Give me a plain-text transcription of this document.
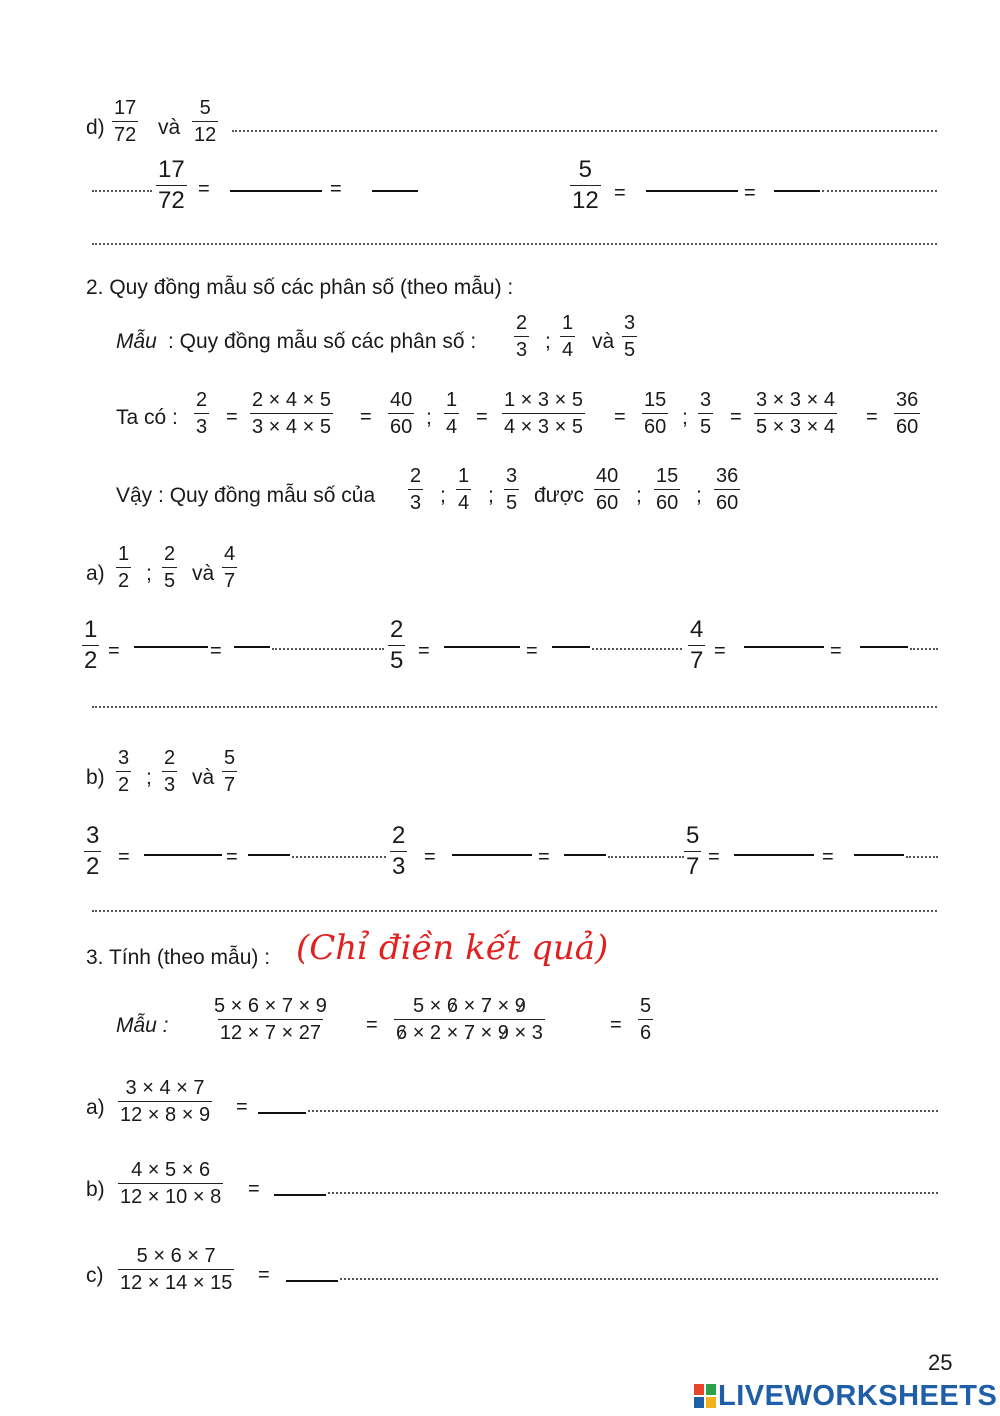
$d) \frac{17}{72}$ và $\frac{5}{12}$
$\frac{17}{72}$ =	=	$\frac{5}{12}$ =	=
2. Quy đồng mẫu số các phân số (theo mẫu) :
Mẫu : Quy đồng mẫu số các phân số : $\frac{2}{3}$ ; $\frac{1}{4}$ và $\frac{3}{5}$
Ta có : $\frac{2}{3} = \frac{2 \times 4 \times 5}{3 \times 4 \times 5} = \frac{40}{60}$ ; $\frac{1}{4} = \frac{1 \times 3 \times 5}{4 \times 3 \times 5} = \frac{15}{60}$ ; $\frac{3}{5} = \frac{3 \times 3 \times 4}{5 \times 3 \times 4} = \frac{36}{60}$
Vậy : Quy đồng mẫu số của $\frac{2}{3}$ ; $\frac{1}{4}$ ; $\frac{3}{5}$ được $\frac{40}{60}$ ; $\frac{15}{60}$ ; $\frac{36}{60}$
$a) \frac{1}{2}$ ; $\frac{2}{5}$ và $\frac{4}{7}$
$\frac{1}{2}$ =	=	$\frac{2}{5}$ =	=	$\frac{4}{7}$ =	=
$b) \frac{3}{2}$ ; $\frac{2}{3}$ và $\frac{5}{7}$
$\frac{3}{2}$ =	=	$\frac{2}{3}$ =	=	$\frac{5}{7}$ =	=
3. Tính (theo mẫu) : (Chỉ điền kết quả)
Mẫu : $\frac{5 \times 6 \times 7 \times 9}{12 \times 7 \times 27} = \frac{5 \times 6 \times 7 \times 9}{6 \times 2 \times 7 \times 9 \times 3}$	= $\frac{5}{6}$
$a) \frac{3 \times 4 \times 7}{12 \times 8 \times 9}$ =
$b) \frac{4 \times 5 \times 6}{12 \times 10 \times 8}$ =
$c) \frac{5 \times 6 \times 7}{12 \times 14 \times 15}$ =
25
LIVEWORKSHEETS
